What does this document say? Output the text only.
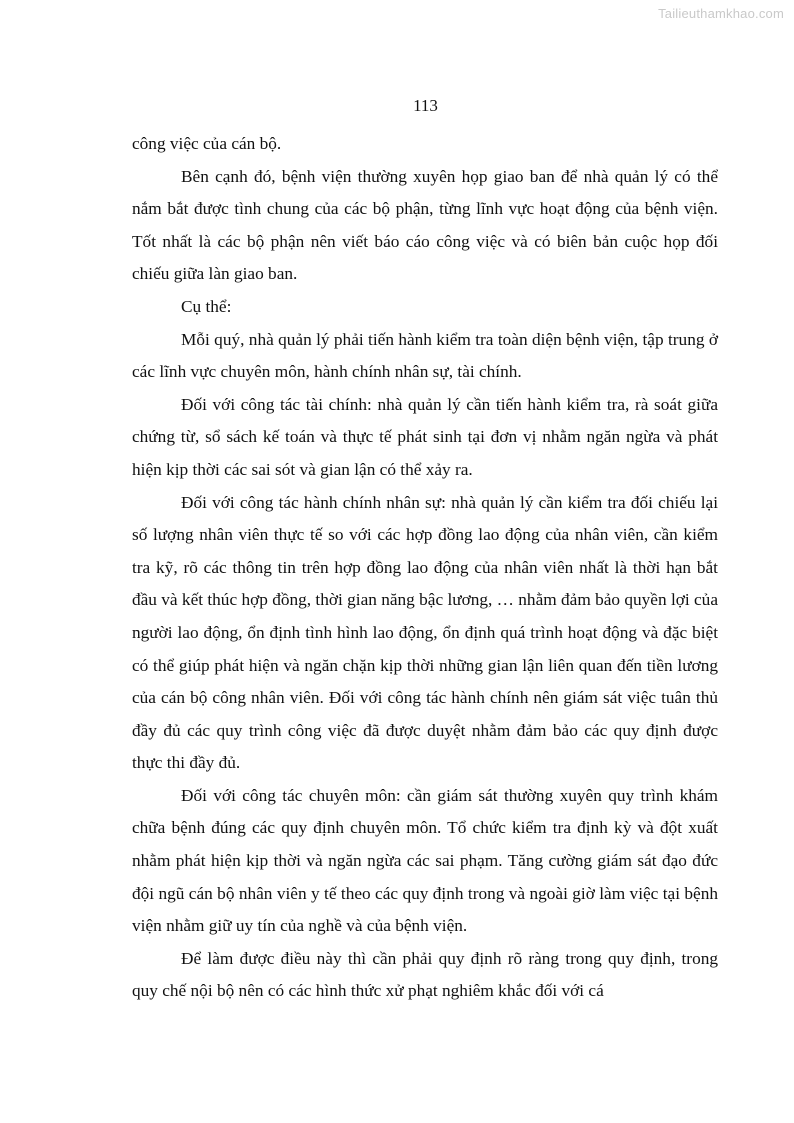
Tailieuthamkhao.com
113

công việc của cán bộ.

Bên cạnh đó, bệnh viện thường xuyên họp giao ban để nhà quản lý có thể nắm bắt được tình chung của các bộ phận, từng lĩnh vực hoạt động của bệnh viện. Tốt nhất là các bộ phận nên viết báo cáo công việc và có biên bản cuộc họp đối chiếu giữa làn giao ban.

Cụ thể:

Mỗi quý, nhà quản lý phải tiến hành kiểm tra toàn diện bệnh viện, tập trung ở các lĩnh vực chuyên môn, hành chính nhân sự, tài chính.

Đối với công tác tài chính: nhà quản lý cần tiến hành kiểm tra, rà soát giữa chứng từ, sổ sách kế toán và thực tế phát sinh tại đơn vị nhằm ngăn ngừa và phát hiện kịp thời các sai sót và gian lận có thể xảy ra.

Đối với công tác hành chính nhân sự: nhà quản lý cần kiểm tra đối chiếu lại số lượng nhân viên thực tế so với các hợp đồng lao động của nhân viên, cần kiểm tra kỹ, rõ các thông tin trên hợp đồng lao động của nhân viên nhất là thời hạn bắt đầu và kết thúc hợp đồng, thời gian năng bậc lương, … nhằm đảm bảo quyền lợi của người lao động, ổn định tình hình lao động, ổn định quá trình hoạt động và đặc biệt có thể giúp phát hiện và ngăn chặn kịp thời những gian lận liên quan đến tiền lương của cán bộ công nhân viên. Đối với công tác hành chính nên giám sát việc tuân thủ đầy đủ các quy trình công việc đã được duyệt nhằm đảm bảo các quy định được thực thi đầy đủ.

Đối với công tác chuyên môn: cần giám sát thường xuyên quy trình khám chữa bệnh đúng các quy định chuyên môn. Tổ chức kiểm tra định kỳ và đột xuất nhằm phát hiện kịp thời và ngăn ngừa các sai phạm. Tăng cường giám sát đạo đức đội ngũ cán bộ nhân viên y tế theo các quy định trong và ngoài giờ làm việc tại bệnh viện nhằm giữ uy tín của nghề và của bệnh viện.

Để làm được điều này thì cần phải quy định rõ ràng trong quy định, trong quy chế nội bộ nên có các hình thức xử phạt nghiêm khắc đối với cá
